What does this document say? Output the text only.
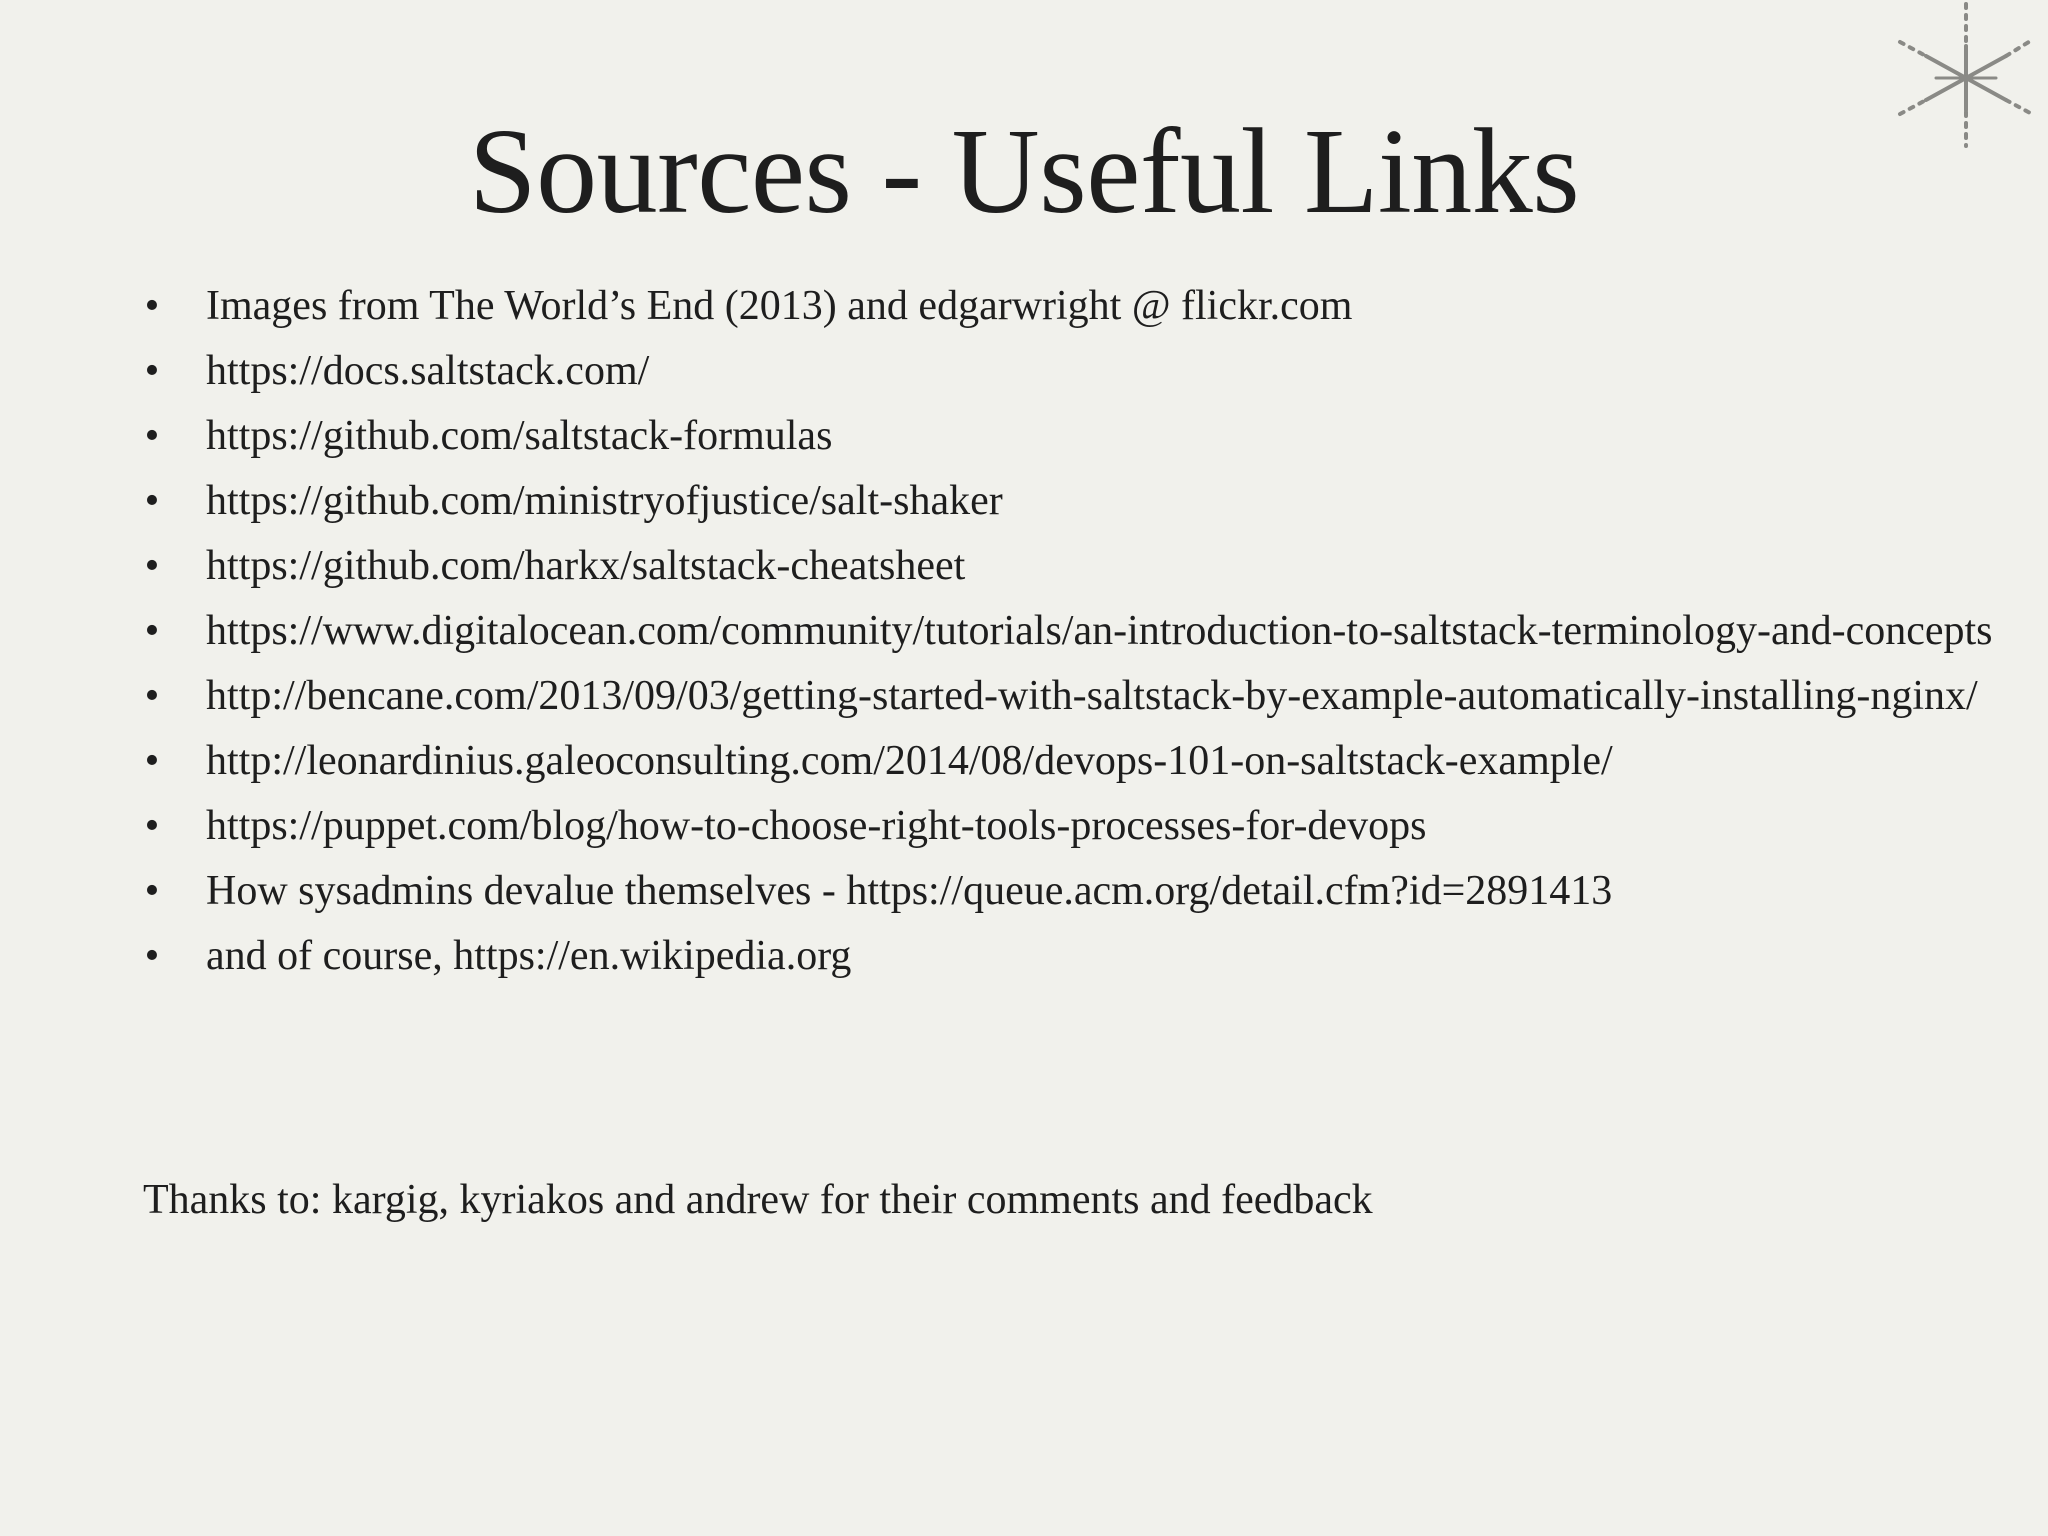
Sources - Useful Links
• Images from The World’s End (2013) and edgarwright @ flickr.com
• https://docs.saltstack.com/
• https://github.com/saltstack-formulas
• https://github.com/ministryofjustice/salt-shaker
• https://github.com/harkx/saltstack-cheatsheet
• https://www.digitalocean.com/community/tutorials/an-introduction-to-saltstack-terminology-and-concepts
• http://bencane.com/2013/09/03/getting-started-with-saltstack-by-example-automatically-installing-nginx/
• http://leonardinius.galeoconsulting.com/2014/08/devops-101-on-saltstack-example/
• https://puppet.com/blog/how-to-choose-right-tools-processes-for-devops
• How sysadmins devalue themselves - https://queue.acm.org/detail.cfm?id=2891413
• and of course, https://en.wikipedia.org

Thanks to: kargig, kyriakos and andrew for their comments and feedback
